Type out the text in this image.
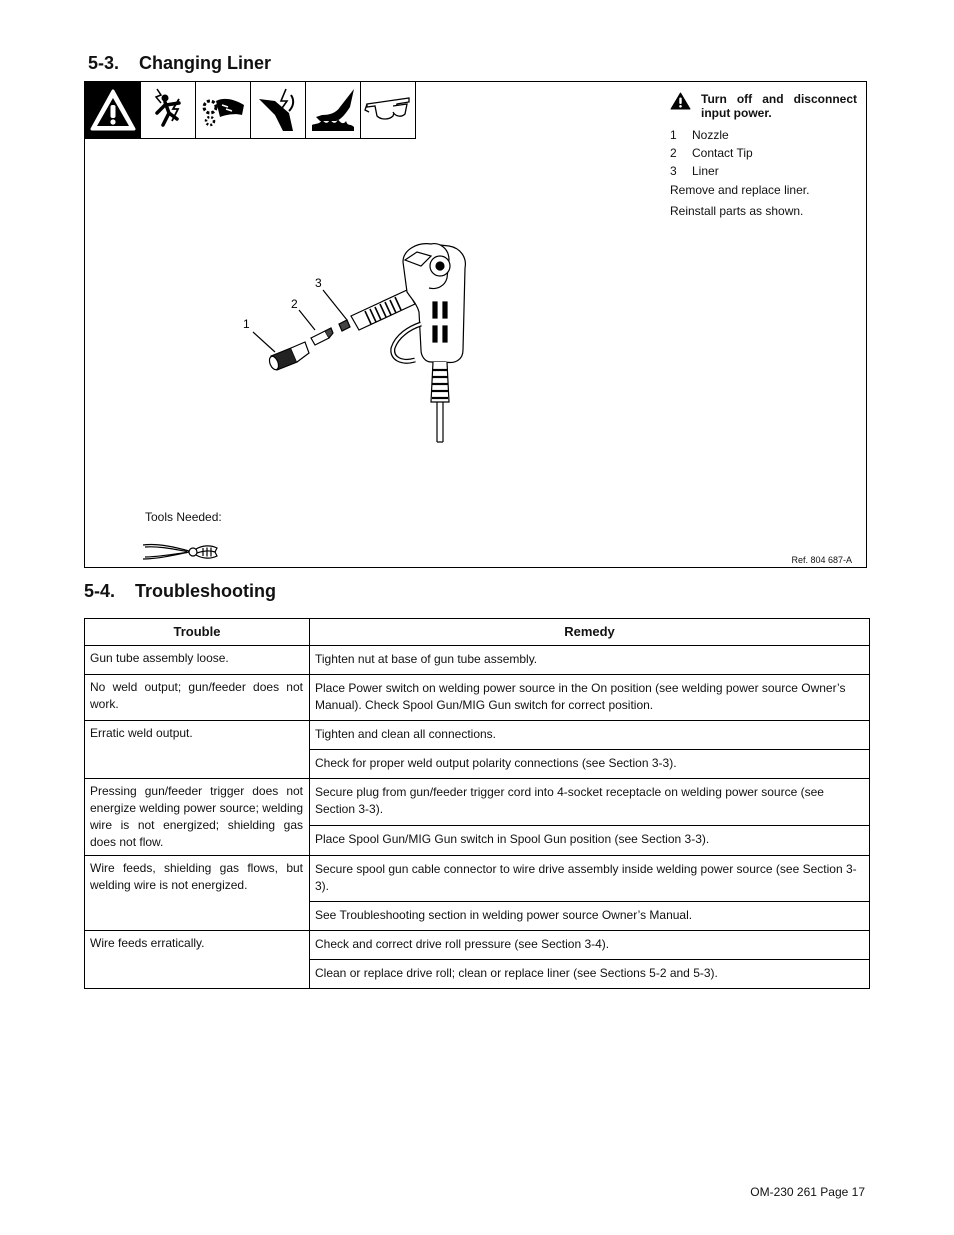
5-3. Changing Liner
Turn off and disconnect input power.
1	Nozzle
2	Contact Tip
3	Liner
Remove and replace liner.
Reinstall parts as shown.
1
2
3
Tools Needed:
Ref. 804 687-A
5-4. Troubleshooting
Trouble	Remedy
Gun tube assembly loose.	Tighten nut at base of gun tube assembly.
No weld output; gun/feeder does not work.	Place Power switch on welding power source in the On position (see welding power source Owner’s Manual). Check Spool Gun/MIG Gun switch for correct position.
Erratic weld output.	Tighten and clean all connections.
	Check for proper weld output polarity connections (see Section 3-3).
Pressing gun/feeder trigger does not energize welding power source; welding wire is not energized; shielding gas does not flow.	Secure plug from gun/feeder trigger cord into 4-socket receptacle on welding power source (see Section 3-3).
	Place Spool Gun/MIG Gun switch in Spool Gun position (see Section 3-3).
Wire feeds, shielding gas flows, but welding wire is not energized.	Secure spool gun cable connector to wire drive assembly inside welding power source (see Section 3-3).
	See Troubleshooting section in welding power source Owner’s Manual.
Wire feeds erratically.	Check and correct drive roll pressure (see Section 3-4).
	Clean or replace drive roll; clean or replace liner (see Sections 5-2 and 5-3).
OM-230 261 Page 17
